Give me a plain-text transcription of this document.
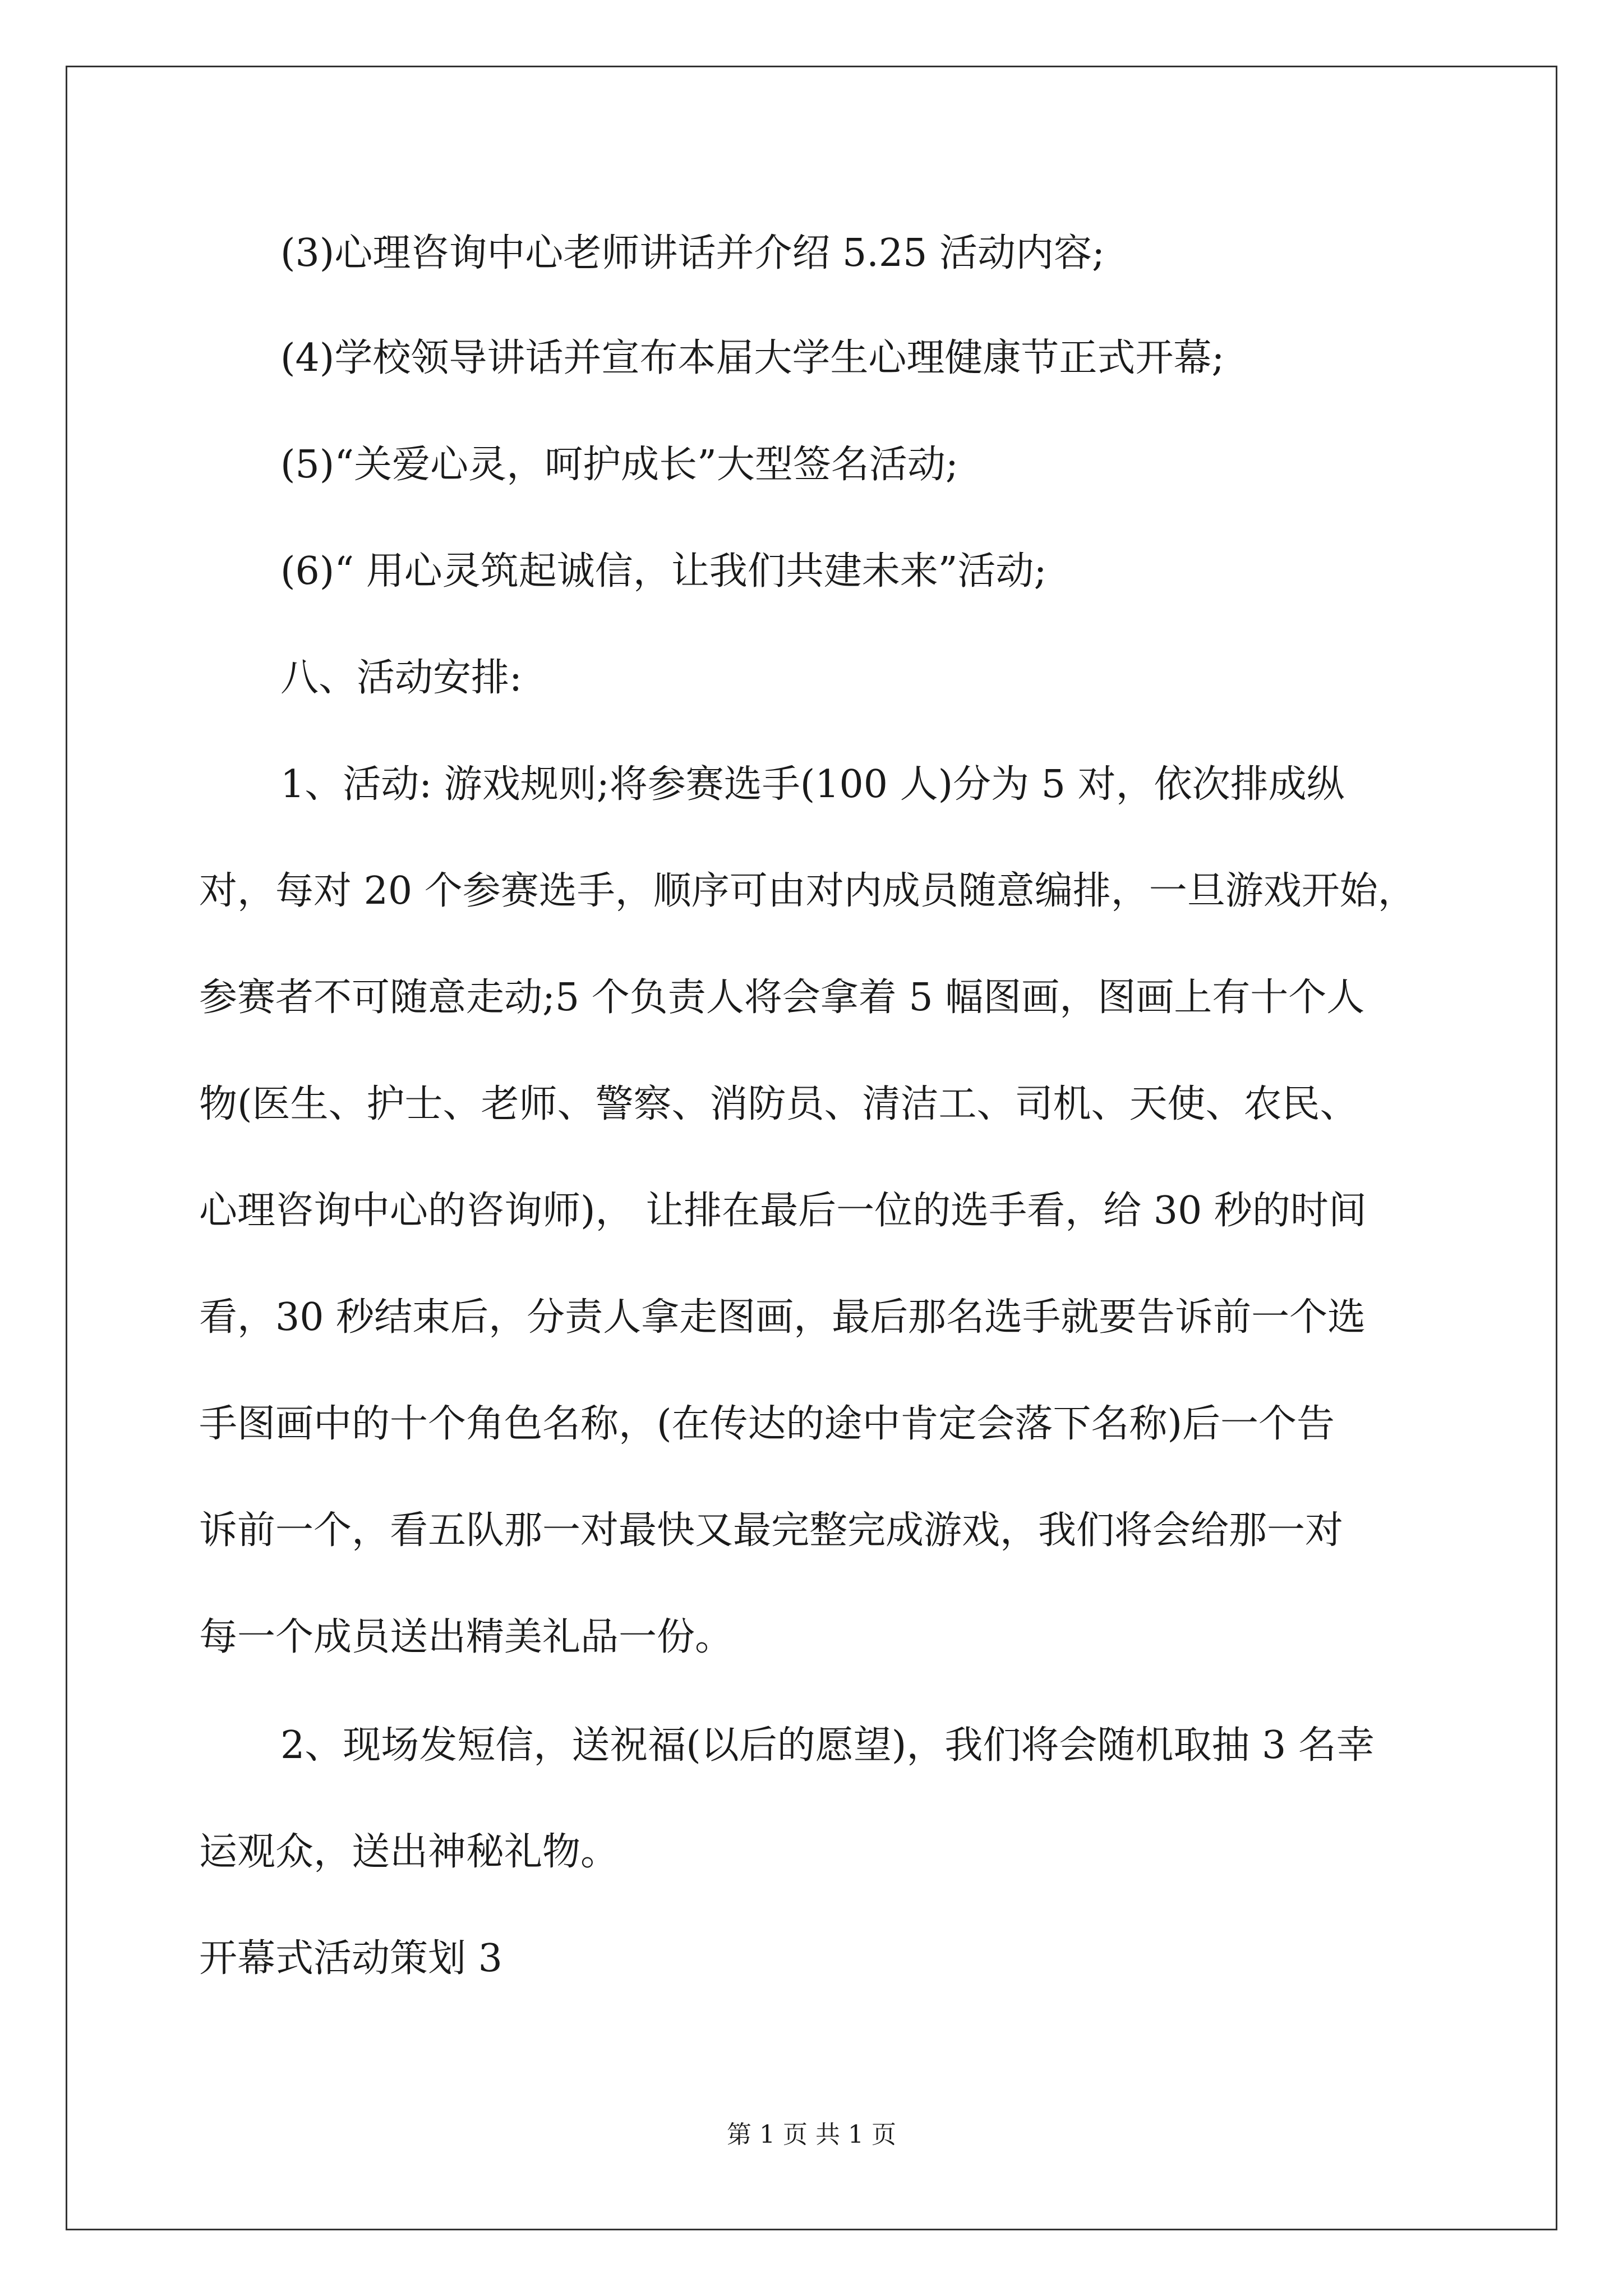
(3)心理咨询中心老师讲话并介绍 5.25 活动内容;
(4)学校领导讲话并宣布本届大学生心理健康节正式开幕;
(5)“关爱心灵，呵护成长”大型签名活动;
(6)“ 用心灵筑起诚信，让我们共建未来”活动;
八、活动安排:
1、活动: 游戏规则;将参赛选手(100 人)分为 5 对，依次排成纵
对，每对 20 个参赛选手，顺序可由对内成员随意编排，一旦游戏开始，
参赛者不可随意走动;5 个负责人将会拿着 5 幅图画，图画上有十个人
物(医生、护士、老师、警察、消防员、清洁工、司机、天使、农民、
心理咨询中心的咨询师)， 让排在最后一位的选手看，给 30 秒的时间
看，30 秒结束后，分责人拿走图画，最后那名选手就要告诉前一个选
手图画中的十个角色名称，(在传达的途中肯定会落下名称)后一个告
诉前一个，看五队那一对最快又最完整完成游戏，我们将会给那一对
每一个成员送出精美礼品一份。
2、现场发短信，送祝福(以后的愿望)，我们将会随机取抽 3 名幸
运观众，送出神秘礼物。
开幕式活动策划 3
第 1 页 共 1 页
